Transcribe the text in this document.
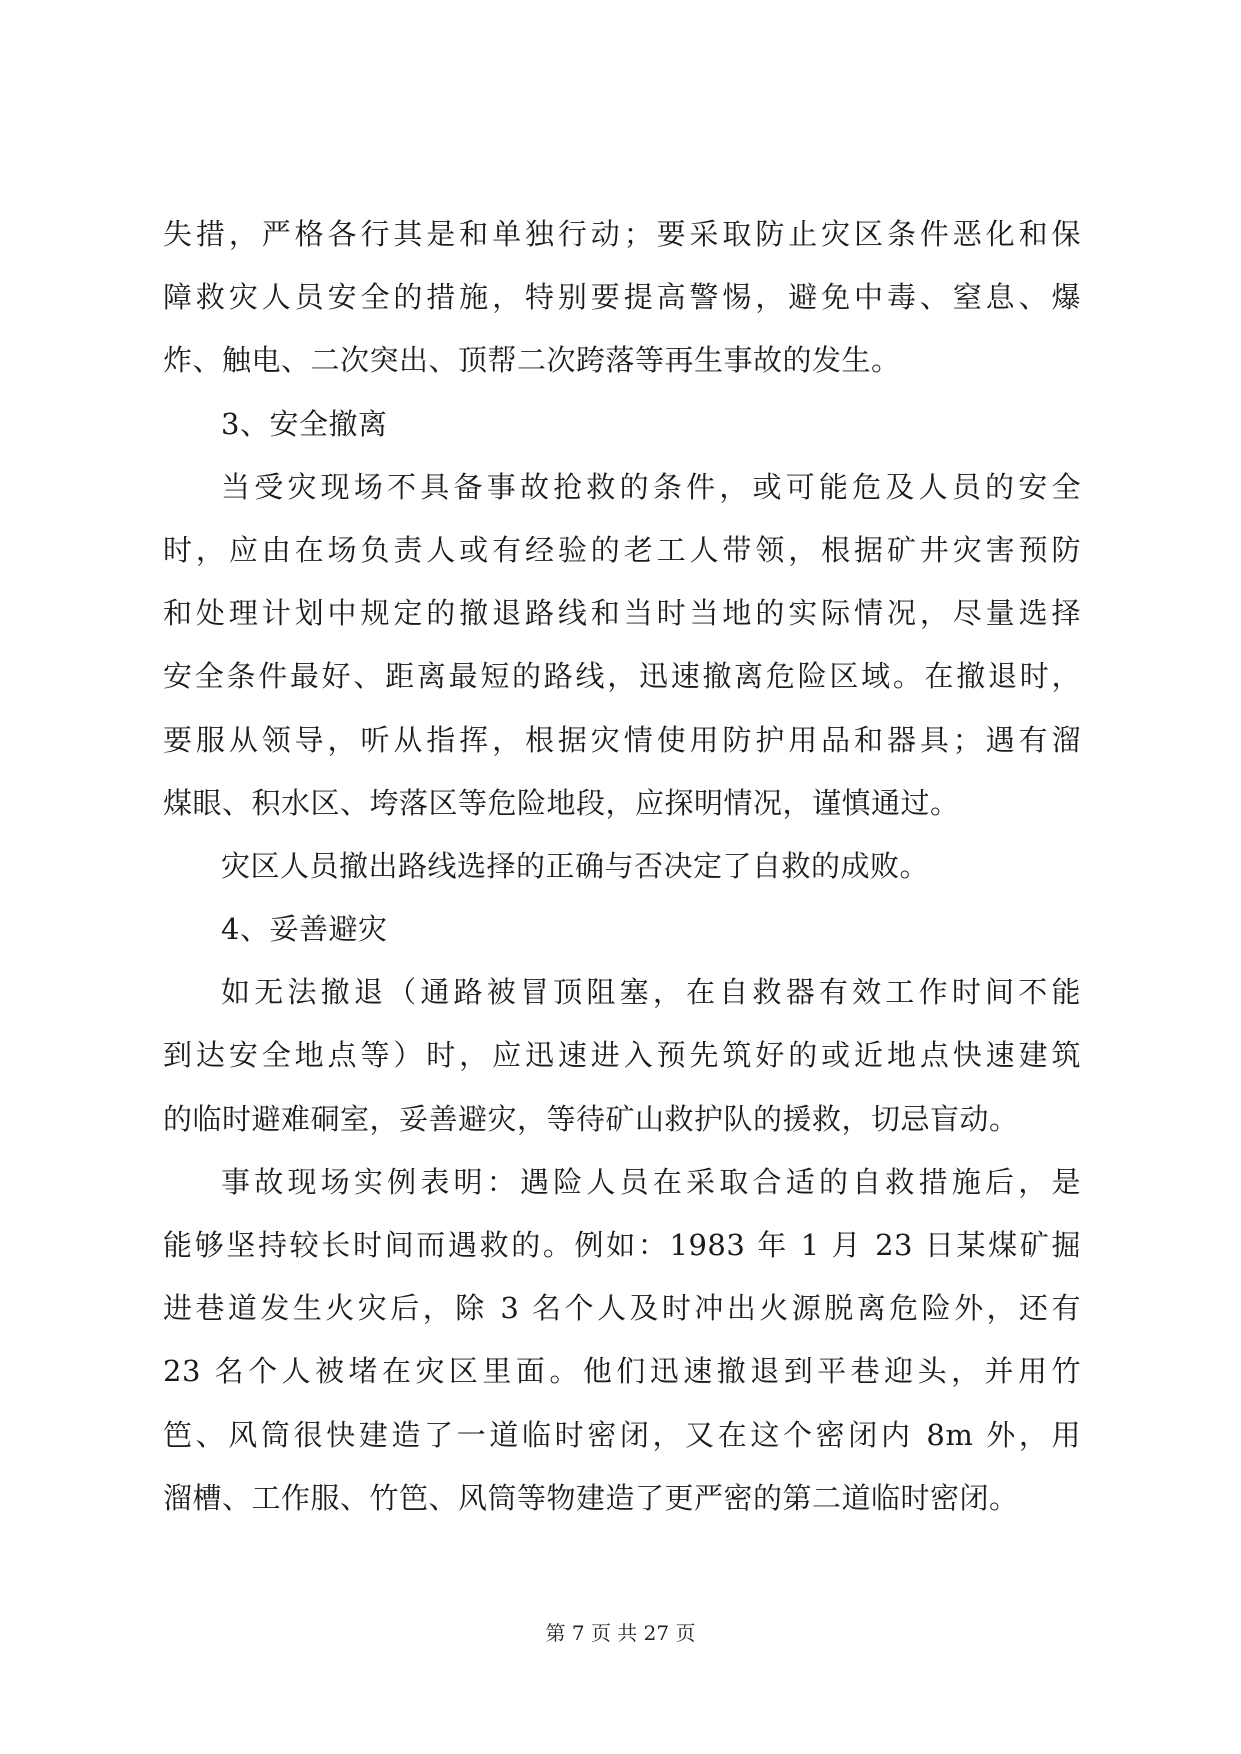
失措，严格各行其是和单独行动；要采取防止灾区条件恶化和保
障救灾人员安全的措施，特别要提高警惕，避免中毒、窒息、爆
炸、触电、二次突出、顶帮二次跨落等再生事故的发生。
3、安全撤离
当受灾现场不具备事故抢救的条件，或可能危及人员的安全
时，应由在场负责人或有经验的老工人带领，根据矿井灾害预防
和处理计划中规定的撤退路线和当时当地的实际情况，尽量选择
安全条件最好、距离最短的路线，迅速撤离危险区域。在撤退时，
要服从领导，听从指挥，根据灾情使用防护用品和器具；遇有溜
煤眼、积水区、垮落区等危险地段，应探明情况，谨慎通过。
灾区人员撤出路线选择的正确与否决定了自救的成败。
4、妥善避灾
如无法撤退（通路被冒顶阻塞，在自救器有效工作时间不能
到达安全地点等）时，应迅速进入预先筑好的或近地点快速建筑
的临时避难硐室，妥善避灾，等待矿山救护队的援救，切忌盲动。
事故现场实例表明：遇险人员在采取合适的自救措施后，是
能够坚持较长时间而遇救的。例如：1983 年 1 月 23 日某煤矿掘
进巷道发生火灾后，除 3 名个人及时冲出火源脱离危险外，还有
23 名个人被堵在灾区里面。他们迅速撤退到平巷迎头，并用竹
笆、风筒很快建造了一道临时密闭，又在这个密闭内 8m 外，用
溜槽、工作服、竹笆、风筒等物建造了更严密的第二道临时密闭。
第 7 页 共 27 页
